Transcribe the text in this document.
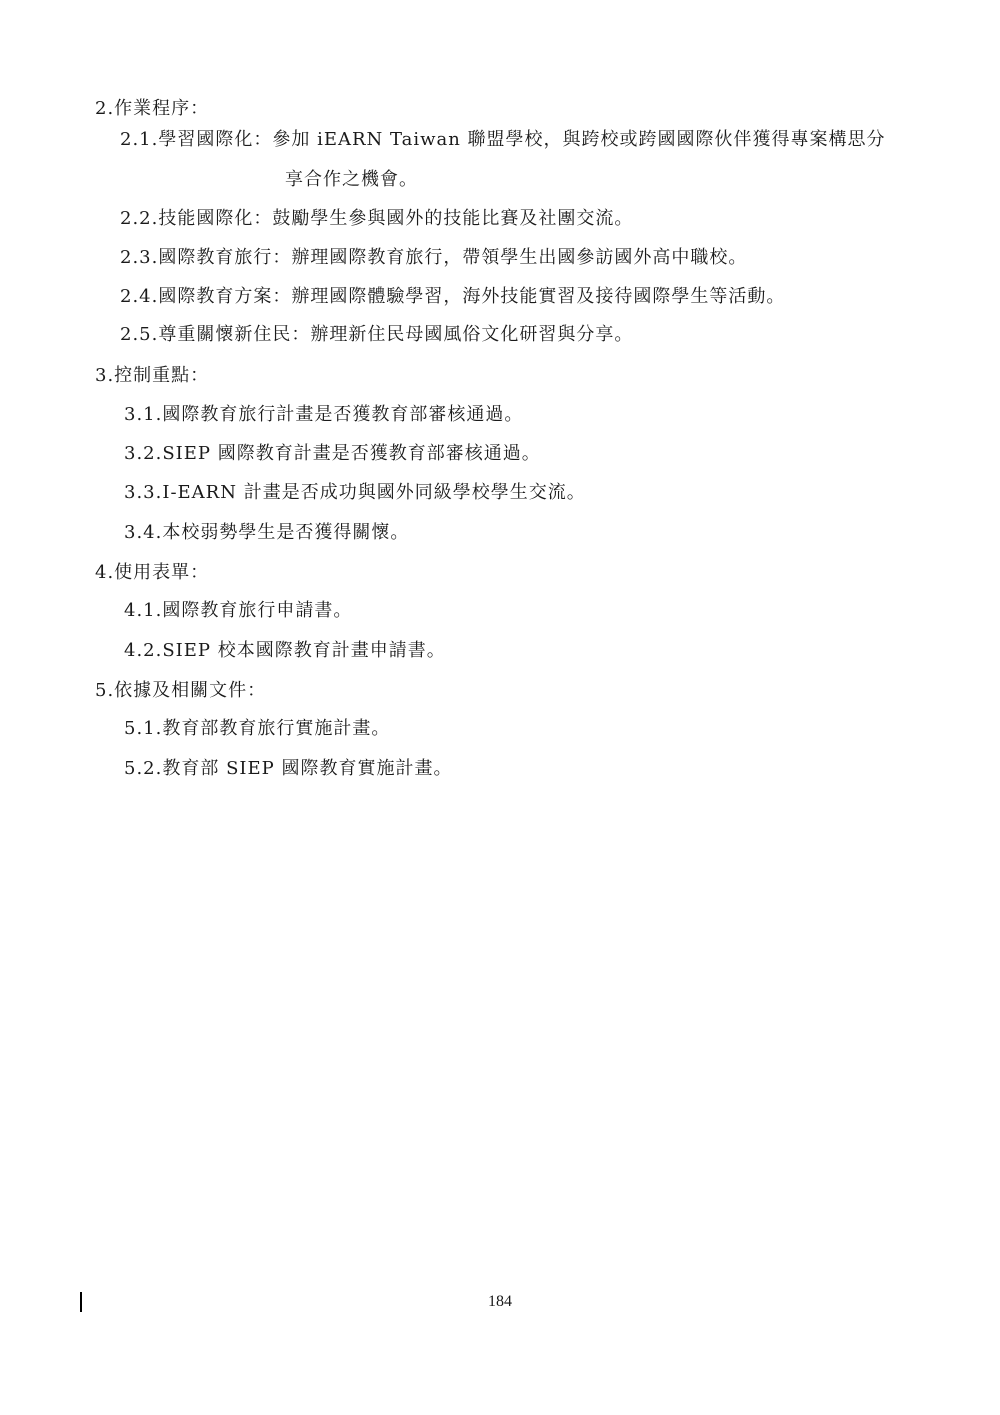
2.作業程序：
2.1.學習國際化：參加 iEARN Taiwan 聯盟學校，與跨校或跨國國際伙伴獲得專案構思分
享合作之機會。
2.2.技能國際化：鼓勵學生參與國外的技能比賽及社團交流。
2.3.國際教育旅行：辦理國際教育旅行，帶領學生出國參訪國外高中職校。
2.4.國際教育方案：辦理國際體驗學習，海外技能實習及接待國際學生等活動。
2.5.尊重關懷新住民：辦理新住民母國風俗文化研習與分享。
3.控制重點：
3.1.國際教育旅行計畫是否獲教育部審核通過。
3.2.SIEP 國際教育計畫是否獲教育部審核通過。
3.3.I-EARN 計畫是否成功與國外同級學校學生交流。
3.4.本校弱勢學生是否獲得關懷。
4.使用表單：
4.1.國際教育旅行申請書。
4.2.SIEP 校本國際教育計畫申請書。
5.依據及相關文件：
5.1.教育部教育旅行實施計畫。
5.2.教育部 SIEP 國際教育實施計畫。
184
